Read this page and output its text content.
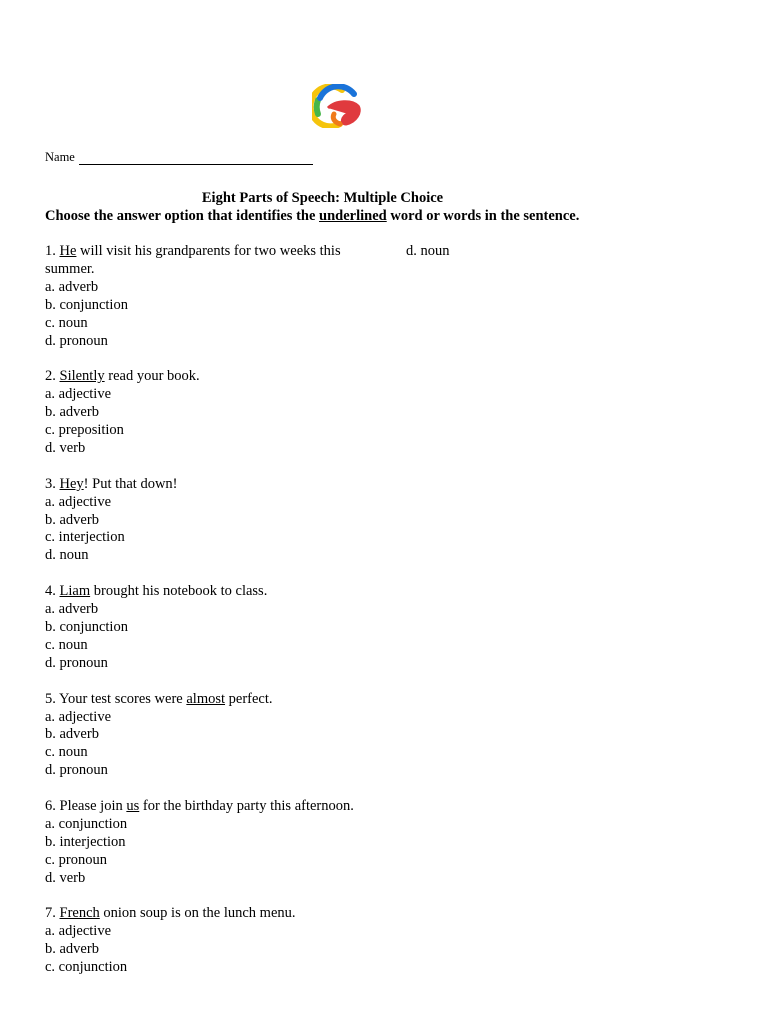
Name
Eight Parts of Speech: Multiple Choice
Choose the answer option that identifies the underlined word or words in the sentence.
d. noun
1. He will visit his grandparents for two weeks this summer.
a. adverb
b. conjunction
c. noun
d. pronoun
2. Silently read your book.
a. adjective
b. adverb
c. preposition
d. verb
3. Hey! Put that down!
a. adjective
b. adverb
c. interjection
d. noun
4. Liam brought his notebook to class.
a. adverb
b. conjunction
c. noun
d. pronoun
5. Your test scores were almost perfect.
a. adjective
b. adverb
c. noun
d. pronoun
6. Please join us for the birthday party this afternoon.
a. conjunction
b. interjection
c. pronoun
d. verb
7. French onion soup is on the lunch menu.
a. adjective
b. adverb
c. conjunction
